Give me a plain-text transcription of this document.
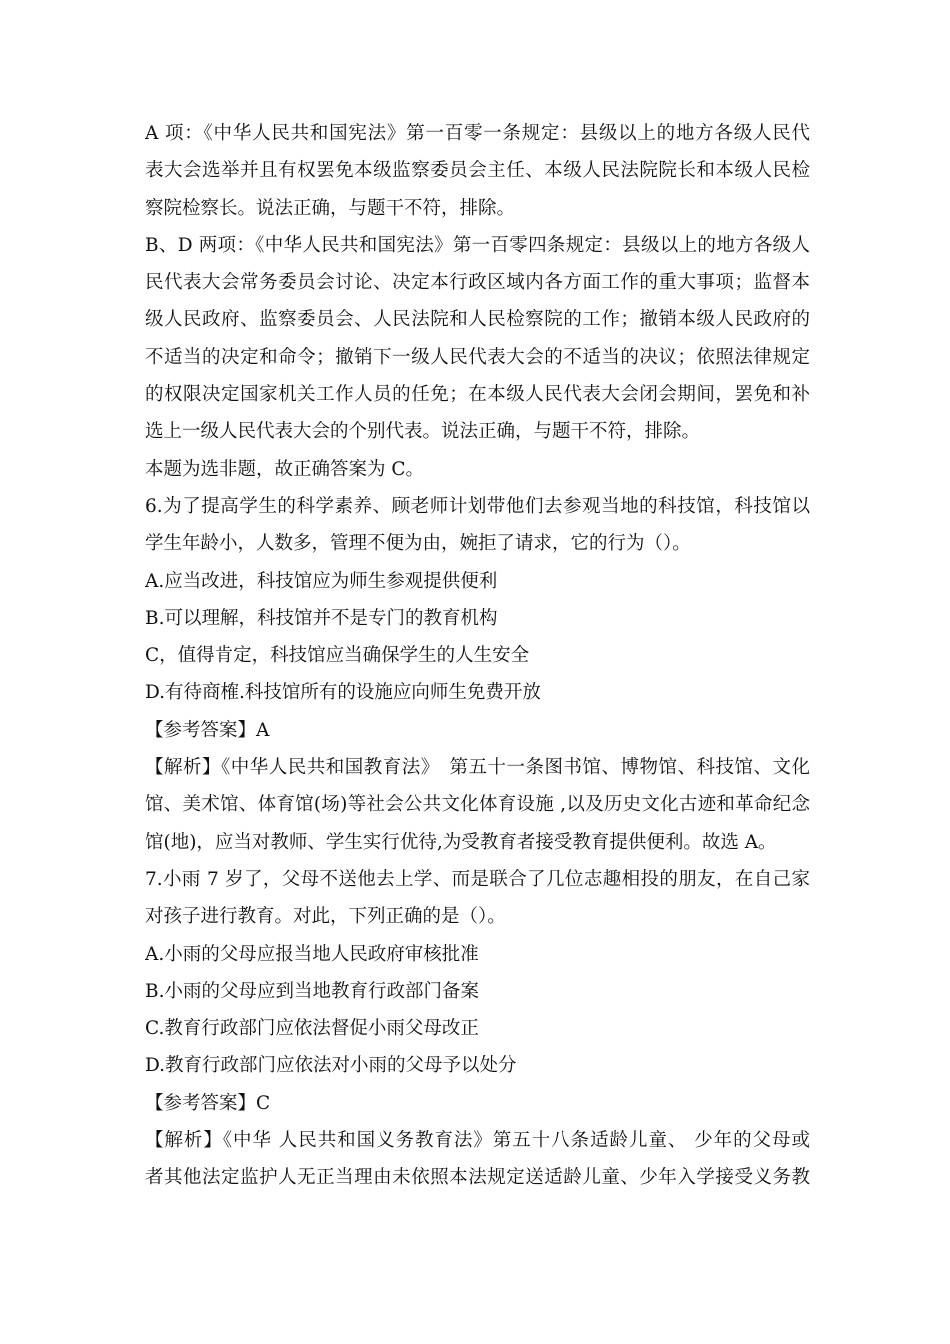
A 项：《中华人民共和国宪法》第一百零一条规定：县级以上的地方各级人民代
表大会选举并且有权罢免本级监察委员会主任、本级人民法院院长和本级人民检
察院检察长。说法正确，与题干不符，排除。
B、D 两项：《中华人民共和国宪法》第一百零四条规定：县级以上的地方各级人
民代表大会常务委员会讨论、决定本行政区域内各方面工作的重大事项；监督本
级人民政府、监察委员会、人民法院和人民检察院的工作；撤销本级人民政府的
不适当的决定和命令；撤销下一级人民代表大会的不适当的决议；依照法律规定
的权限决定国家机关工作人员的任免；在本级人民代表大会闭会期间，罢免和补
选上一级人民代表大会的个别代表。说法正确，与题干不符，排除。
本题为选非题，故正确答案为 C。
6.为了提高学生的科学素养、顾老师计划带他们去参观当地的科技馆，科技馆以
学生年龄小，人数多，管理不便为由，婉拒了请求，它的行为（）。
A.应当改进，科技馆应为师生参观提供便利
B.可以理解，科技馆并不是专门的教育机构
C，值得肯定，科技馆应当确保学生的人生安全
D.有待商榷.科技馆所有的设施应向师生免费开放
【参考答案】A
【解析】《中华人民共和国教育法》　第五十一条图书馆、博物馆、科技馆、文化
馆、美术馆、体育馆(场)等社会公共文化体育设施 ,以及历史文化古迹和革命纪念
馆(地)，应当对教师、学生实行优待,为受教育者接受教育提供便利。故选 A。
7.小雨 7 岁了，父母不送他去上学、而是联合了几位志趣相投的朋友，在自己家
对孩子进行教育。对此，下列正确的是（）。
A.小雨的父母应报当地人民政府审核批准
B.小雨的父母应到当地教育行政部门备案
C.教育行政部门应依法督促小雨父母改正
D.教育行政部门应依法对小雨的父母予以处分
【参考答案】C
【解析】《中华 人民共和国义务教育法》第五十八条适龄儿童、 少年的父母或
者其他法定监护人无正当理由未依照本法规定送适龄儿童、少年入学接受义务教
